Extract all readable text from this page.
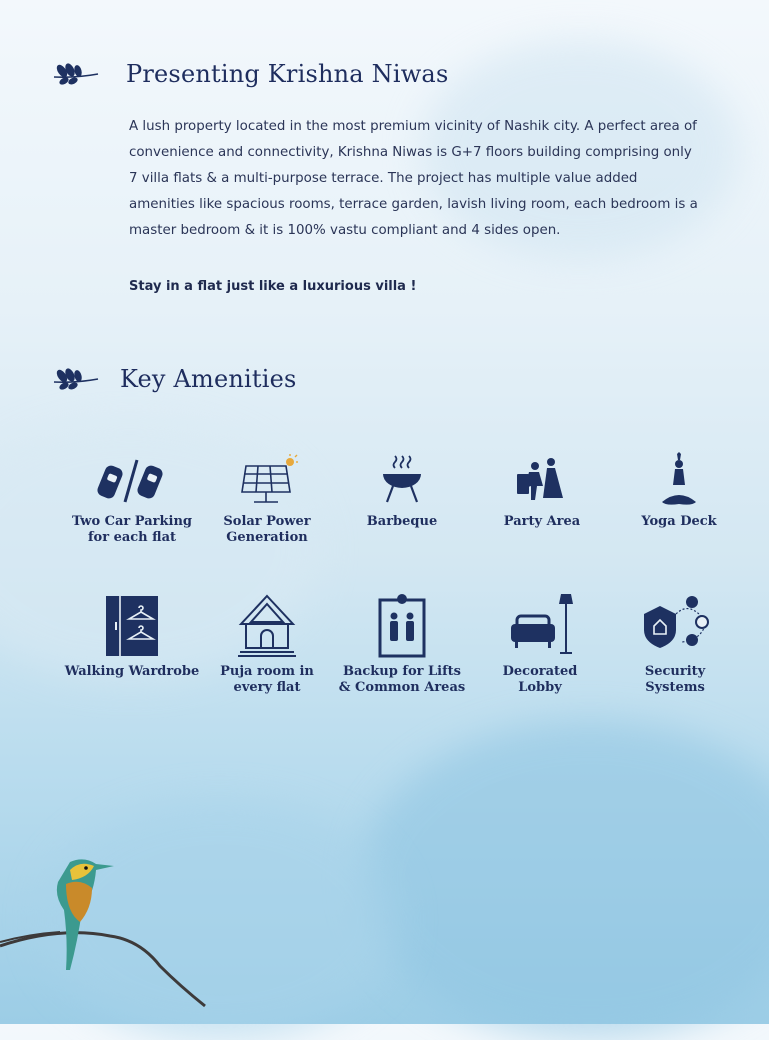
Presenting Krishna Niwas

A lush property located in the most premium vicinity of Nashik city. A perfect area of convenience and connectivity, Krishna Niwas is G+7 floors building comprising only 7 villa flats & a multi-purpose terrace. The project has multiple value added amenities like spacious rooms, terrace garden, lavish living room, each bedroom is a master bedroom & it is 100% vastu compliant and 4 sides open.

Stay in a flat just like a luxurious villa !
Key Amenities
Two Car Parking
for each flat
Solar Power
Generation
Barbeque	Party Area	Yoga Deck
Walking Wardrobe	Puja room in
every flat
Backup for Lifts
& Common Areas
Decorated
Lobby
Security
Systems
